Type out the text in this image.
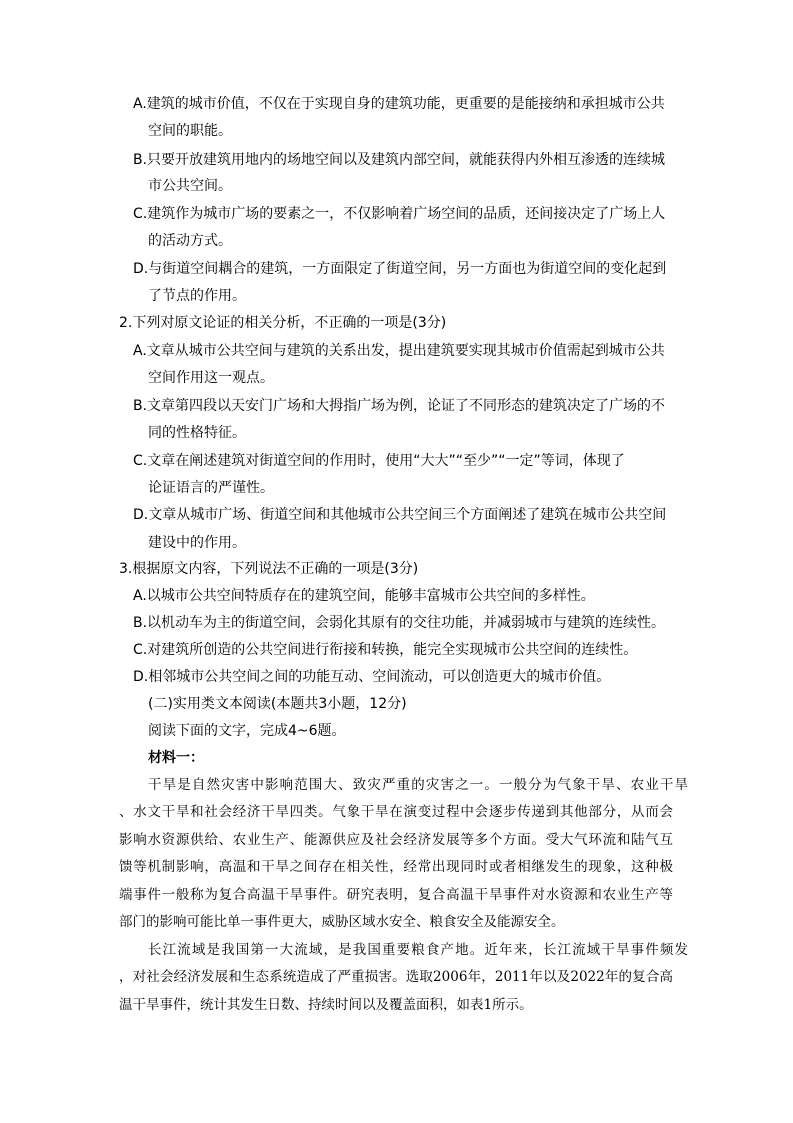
A.建筑的城市价值，不仅在于实现自身的建筑功能，更重要的是能接纳和承担城市公共
空间的职能。
B.只要开放建筑用地内的场地空间以及建筑内部空间，就能获得内外相互渗透的连续城
市公共空间。
C.建筑作为城市广场的要素之一，不仅影响着广场空间的品质，还间接决定了广场上人
的活动方式。
D.与街道空间耦合的建筑，一方面限定了街道空间，另一方面也为街道空间的变化起到
了节点的作用。
2.下列对原文论证的相关分析，不正确的一项是(3分)
A.文章从城市公共空间与建筑的关系出发，提出建筑要实现其城市价值需起到城市公共
空间作用这一观点。
B.文章第四段以天安门广场和大拇指广场为例，论证了不同形态的建筑决定了广场的不
同的性格特征。
C.文章在阐述建筑对街道空间的作用时，使用“大大”“至少”“一定”等词，体现了
论证语言的严谨性。
D.文章从城市广场、街道空间和其他城市公共空间三个方面阐述了建筑在城市公共空间
建设中的作用。
3.根据原文内容，下列说法不正确的一项是(3分)
A.以城市公共空间特质存在的建筑空间，能够丰富城市公共空间的多样性。
B.以机动车为主的街道空间，会弱化其原有的交往功能，并减弱城市与建筑的连续性。
C.对建筑所创造的公共空间进行衔接和转换，能完全实现城市公共空间的连续性。
D.相邻城市公共空间之间的功能互动、空间流动，可以创造更大的城市价值。
(二)实用类文本阅读(本题共3小题，12分)
阅读下面的文字，完成4~6题。
材料一：
干旱是自然灾害中影响范围大、致灾严重的灾害之一。一般分为气象干旱、农业干旱
、水文干旱和社会经济干旱四类。气象干旱在演变过程中会逐步传递到其他部分，从而会
影响水资源供给、农业生产、能源供应及社会经济发展等多个方面。受大气环流和陆气互
馈等机制影响，高温和干旱之间存在相关性，经常出现同时或者相继发生的现象，这种极
端事件一般称为复合高温干旱事件。研究表明，复合高温干旱事件对水资源和农业生产等
部门的影响可能比单一事件更大，威胁区域水安全、粮食安全及能源安全。
长江流域是我国第一大流域，是我国重要粮食产地。近年来，长江流域干旱事件频发
，对社会经济发展和生态系统造成了严重损害。选取2006年，2011年以及2022年的复合高
温干旱事件，统计其发生日数、持续时间以及覆盖面积，如表1所示。
